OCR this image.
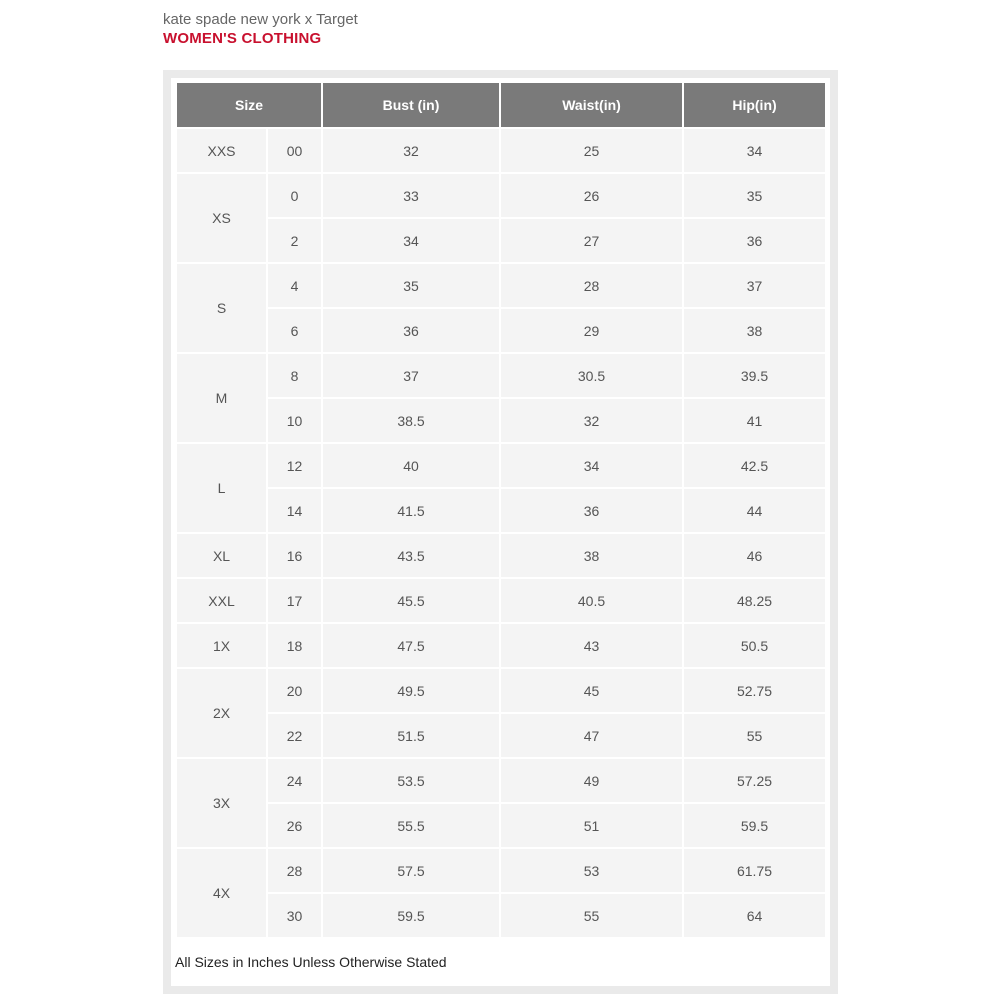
kate spade new york x Target
WOMEN'S CLOTHING
Size		Bust (in)	Waist(in)	Hip(in)
XXS	00	32	25	34
XS	0	33	26	35
	2	34	27	36
S	4	35	28	37
	6	36	29	38
M	8	37	30.5	39.5
	10	38.5	32	41
L	12	40	34	42.5
	14	41.5	36	44
XL	16	43.5	38	46
XXL	17	45.5	40.5	48.25
1X	18	47.5	43	50.5
2X	20	49.5	45	52.75
	22	51.5	47	55
3X	24	53.5	49	57.25
	26	55.5	51	59.5
4X	28	57.5	53	61.75
	30	59.5	55	64
All Sizes in Inches Unless Otherwise Stated
